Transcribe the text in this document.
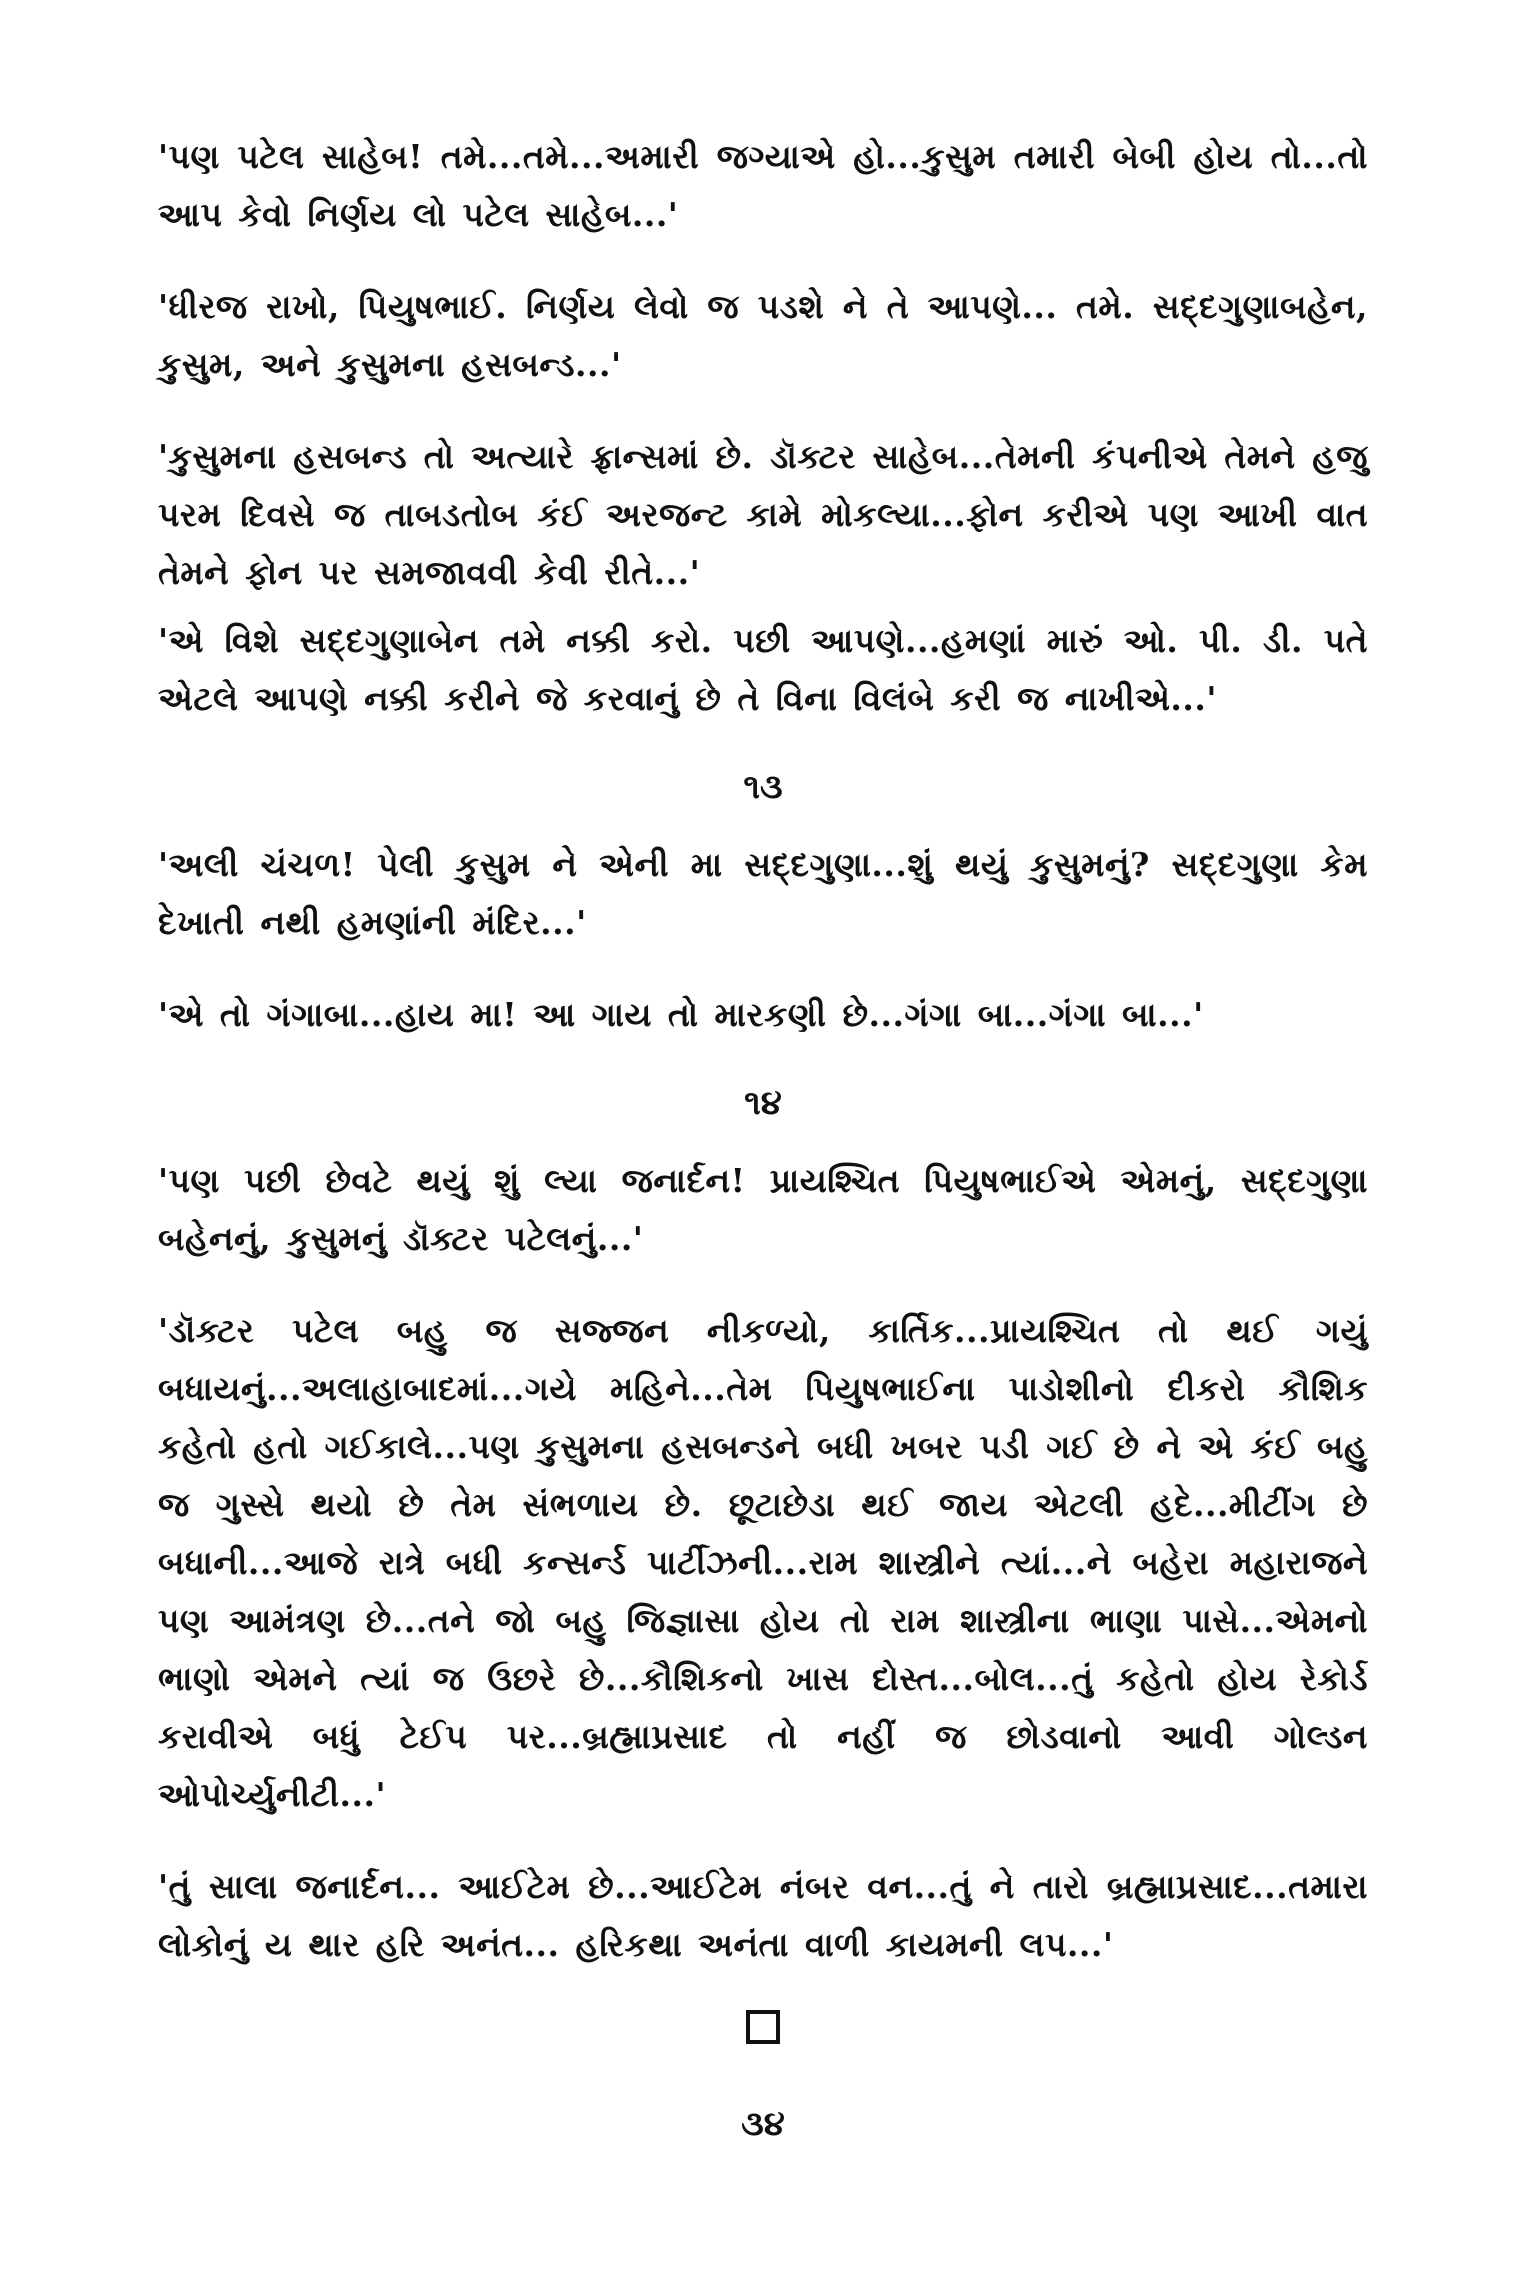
'પણ પટેલ સાહેબ! તમે...તમે...અમારી જગ્યાએ હો...કુસુમ તમારી બેબી હોય તો...તો આપ કેવો નિર્ણય લો પટેલ સાહેબ...'

'ધીરજ રાખો, પિયુષભાઈ. નિર્ણય લેવો જ પડશે ને તે આપણે... તમે. સદ્દગુણાબહેન, કુસુમ, અને કુસુમના હસબન્ડ...'

'કુસુમના હસબન્ડ તો અત્યારે ફ્રાન્સમાં છે. ડૉક્ટર સાહેબ...તેમની કંપનીએ તેમને હજુ પરમ દિવસે જ તાબડતોબ કંઈ અરજન્ટ કામે મોકલ્યા...ફોન કરીએ પણ આખી વાત તેમને ફોન પર સમજાવવી કેવી રીતે...'

'એ વિશે સદ્દગુણાબેન તમે નક્કી કરો. પછી આપણે...હમણાં મારું ઓ. પી. ડી. પતે એટલે આપણે નક્કી કરીને જે કરવાનું છે તે વિના વિલંબે કરી જ નાખીએ...'

૧૩

'અલી ચંચળ! પેલી કુસુમ ને એની મા સદ્દગુણા...શું થયું કુસુમનું? સદ્દગુણા કેમ દેખાતી નથી હમણાંની મંદિર...'

'એ તો ગંગાબા...હાય મા! આ ગાય તો મારકણી છે...ગંગા બા...ગંગા બા...'

૧૪

'પણ પછી છેવટે થયું શું લ્યા જનાર્દન! પ્રાયશ્ચિત પિયુષભાઈએ એમનું, સદ્દગુણા બહેનનું, કુસુમનું ડૉક્ટર પટેલનું...'

'ડૉક્ટર પટેલ બહુ જ સજ્જન નીકળ્યો, કાર્તિક...પ્રાયશ્ચિત તો થઈ ગયું બધાયનું...અલાહાબાદમાં...ગયે મહિને...તેમ પિયુષભાઈના પાડોશીનો દીકરો કૌશિક કહેતો હતો ગઈકાલે...પણ કુસુમના હસબન્ડને બધી ખબર પડી ગઈ છે ને એ કંઈ બહુ જ ગુસ્સે થયો છે તેમ સંભળાય છે. છૂટાછેડા થઈ જાય એટલી હદે...મીટીંગ છે બધાની...આજે રાત્રે બધી કન્સર્ન્ડ પાર્ટીઝની...રામ શાસ્ત્રીને ત્યાં...ને બહેરા મહારાજને પણ આમંત્રણ છે...તને જો બહુ જિજ્ઞાસા હોય તો રામ શાસ્ત્રીના ભાણા પાસે...એમનો ભાણો એમને ત્યાં જ ઉછરે છે...કૌશિકનો ખાસ દોસ્ત...બોલ...તું કહેતો હોય રેકોર્ડ કરાવીએ બધું ટેઈપ પર...બ્રહ્માપ્રસાદ તો નહીં જ છોડવાનો આવી ગોલ્ડન ઓપોર્ચ્યુનીટી...'

'તું સાલા જનાર્દન... આઈટેમ છે...આઈટેમ નંબર વન...તું ને તારો બ્રહ્માપ્રસાદ...તમારા લોકોનું ય થાર હરિ અનંત... હરિકથા અનંતા વાળી કાયમની લપ...'

૩૪
